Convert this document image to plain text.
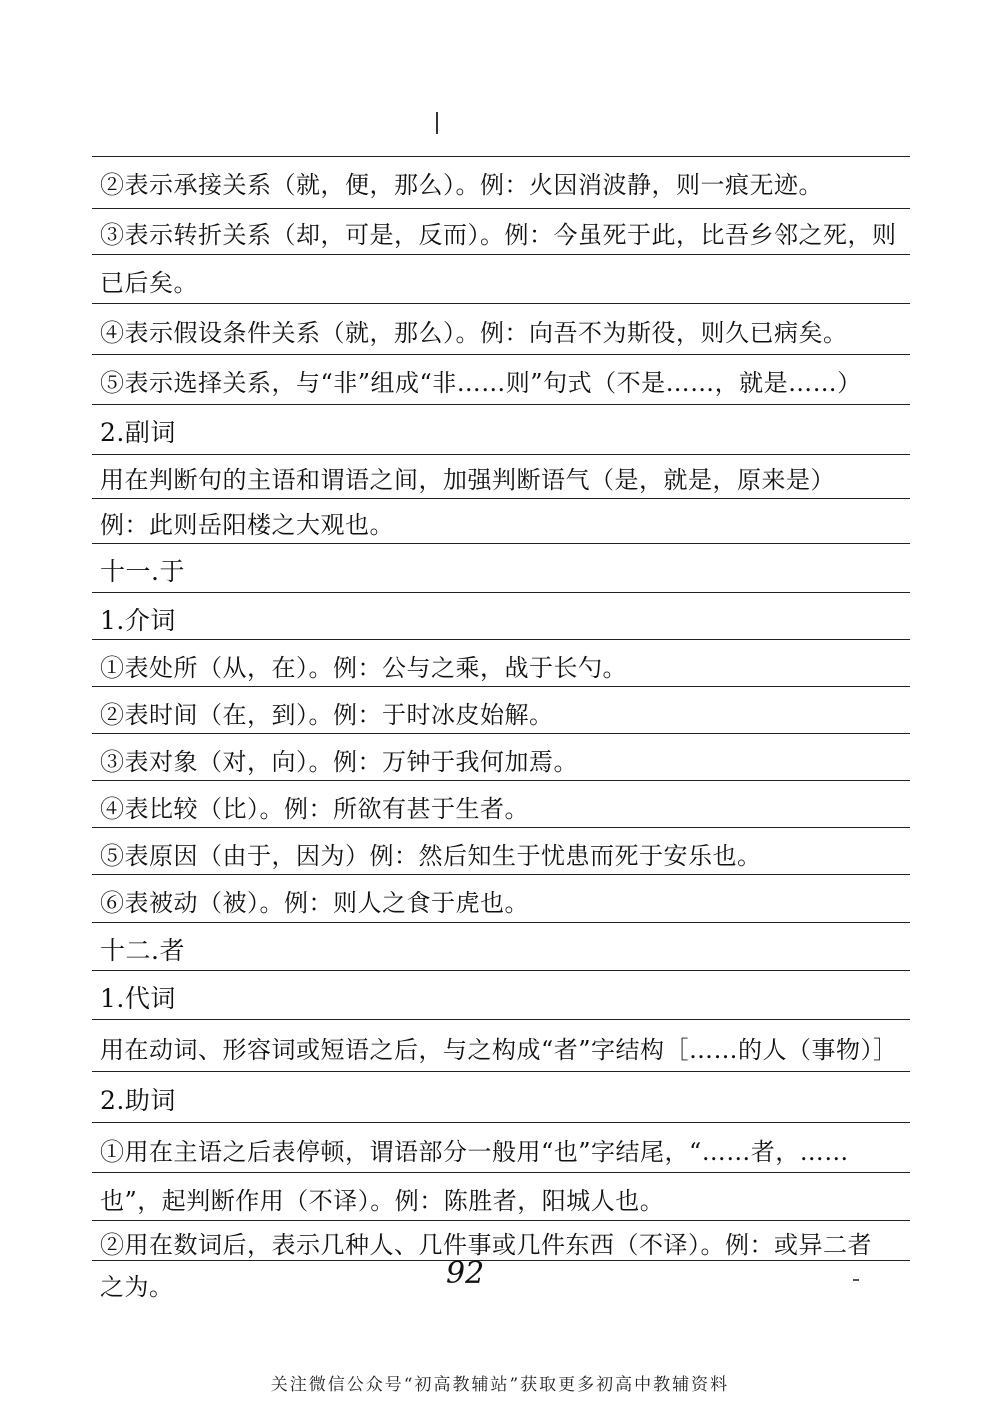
②表示承接关系（就，便，那么）。例：火因消波静，则一痕无迹。
③表示转折关系（却，可是，反而）。例：今虽死于此，比吾乡邻之死，则
已后矣。
④表示假设条件关系（就，那么）。例：向吾不为斯役，则久已病矣。
⑤表示选择关系，与“非”组成“非……则”句式（不是……，就是……）
2.副词
用在判断句的主语和谓语之间，加强判断语气（是，就是，原来是）
例：此则岳阳楼之大观也。
十一.于
1.介词
①表处所（从，在）。例：公与之乘，战于长勺。
②表时间（在，到）。例：于时冰皮始解。
③表对象（对，向）。例：万钟于我何加焉。
④表比较（比）。例：所欲有甚于生者。
⑤表原因（由于，因为）例：然后知生于忧患而死于安乐也。
⑥表被动（被）。例：则人之食于虎也。
十二.者
1.代词
用在动词、形容词或短语之后，与之构成“者”字结构［……的人（事物）］
2.助词
①用在主语之后表停顿，谓语部分一般用“也”字结尾，“……者，……
也”，起判断作用（不译）。例：陈胜者，阳城人也。
②用在数词后，表示几种人、几件事或几件东西（不译）。例：或异二者
之为。	92
关注微信公众号“初高教辅站”获取更多初高中教辅资料
